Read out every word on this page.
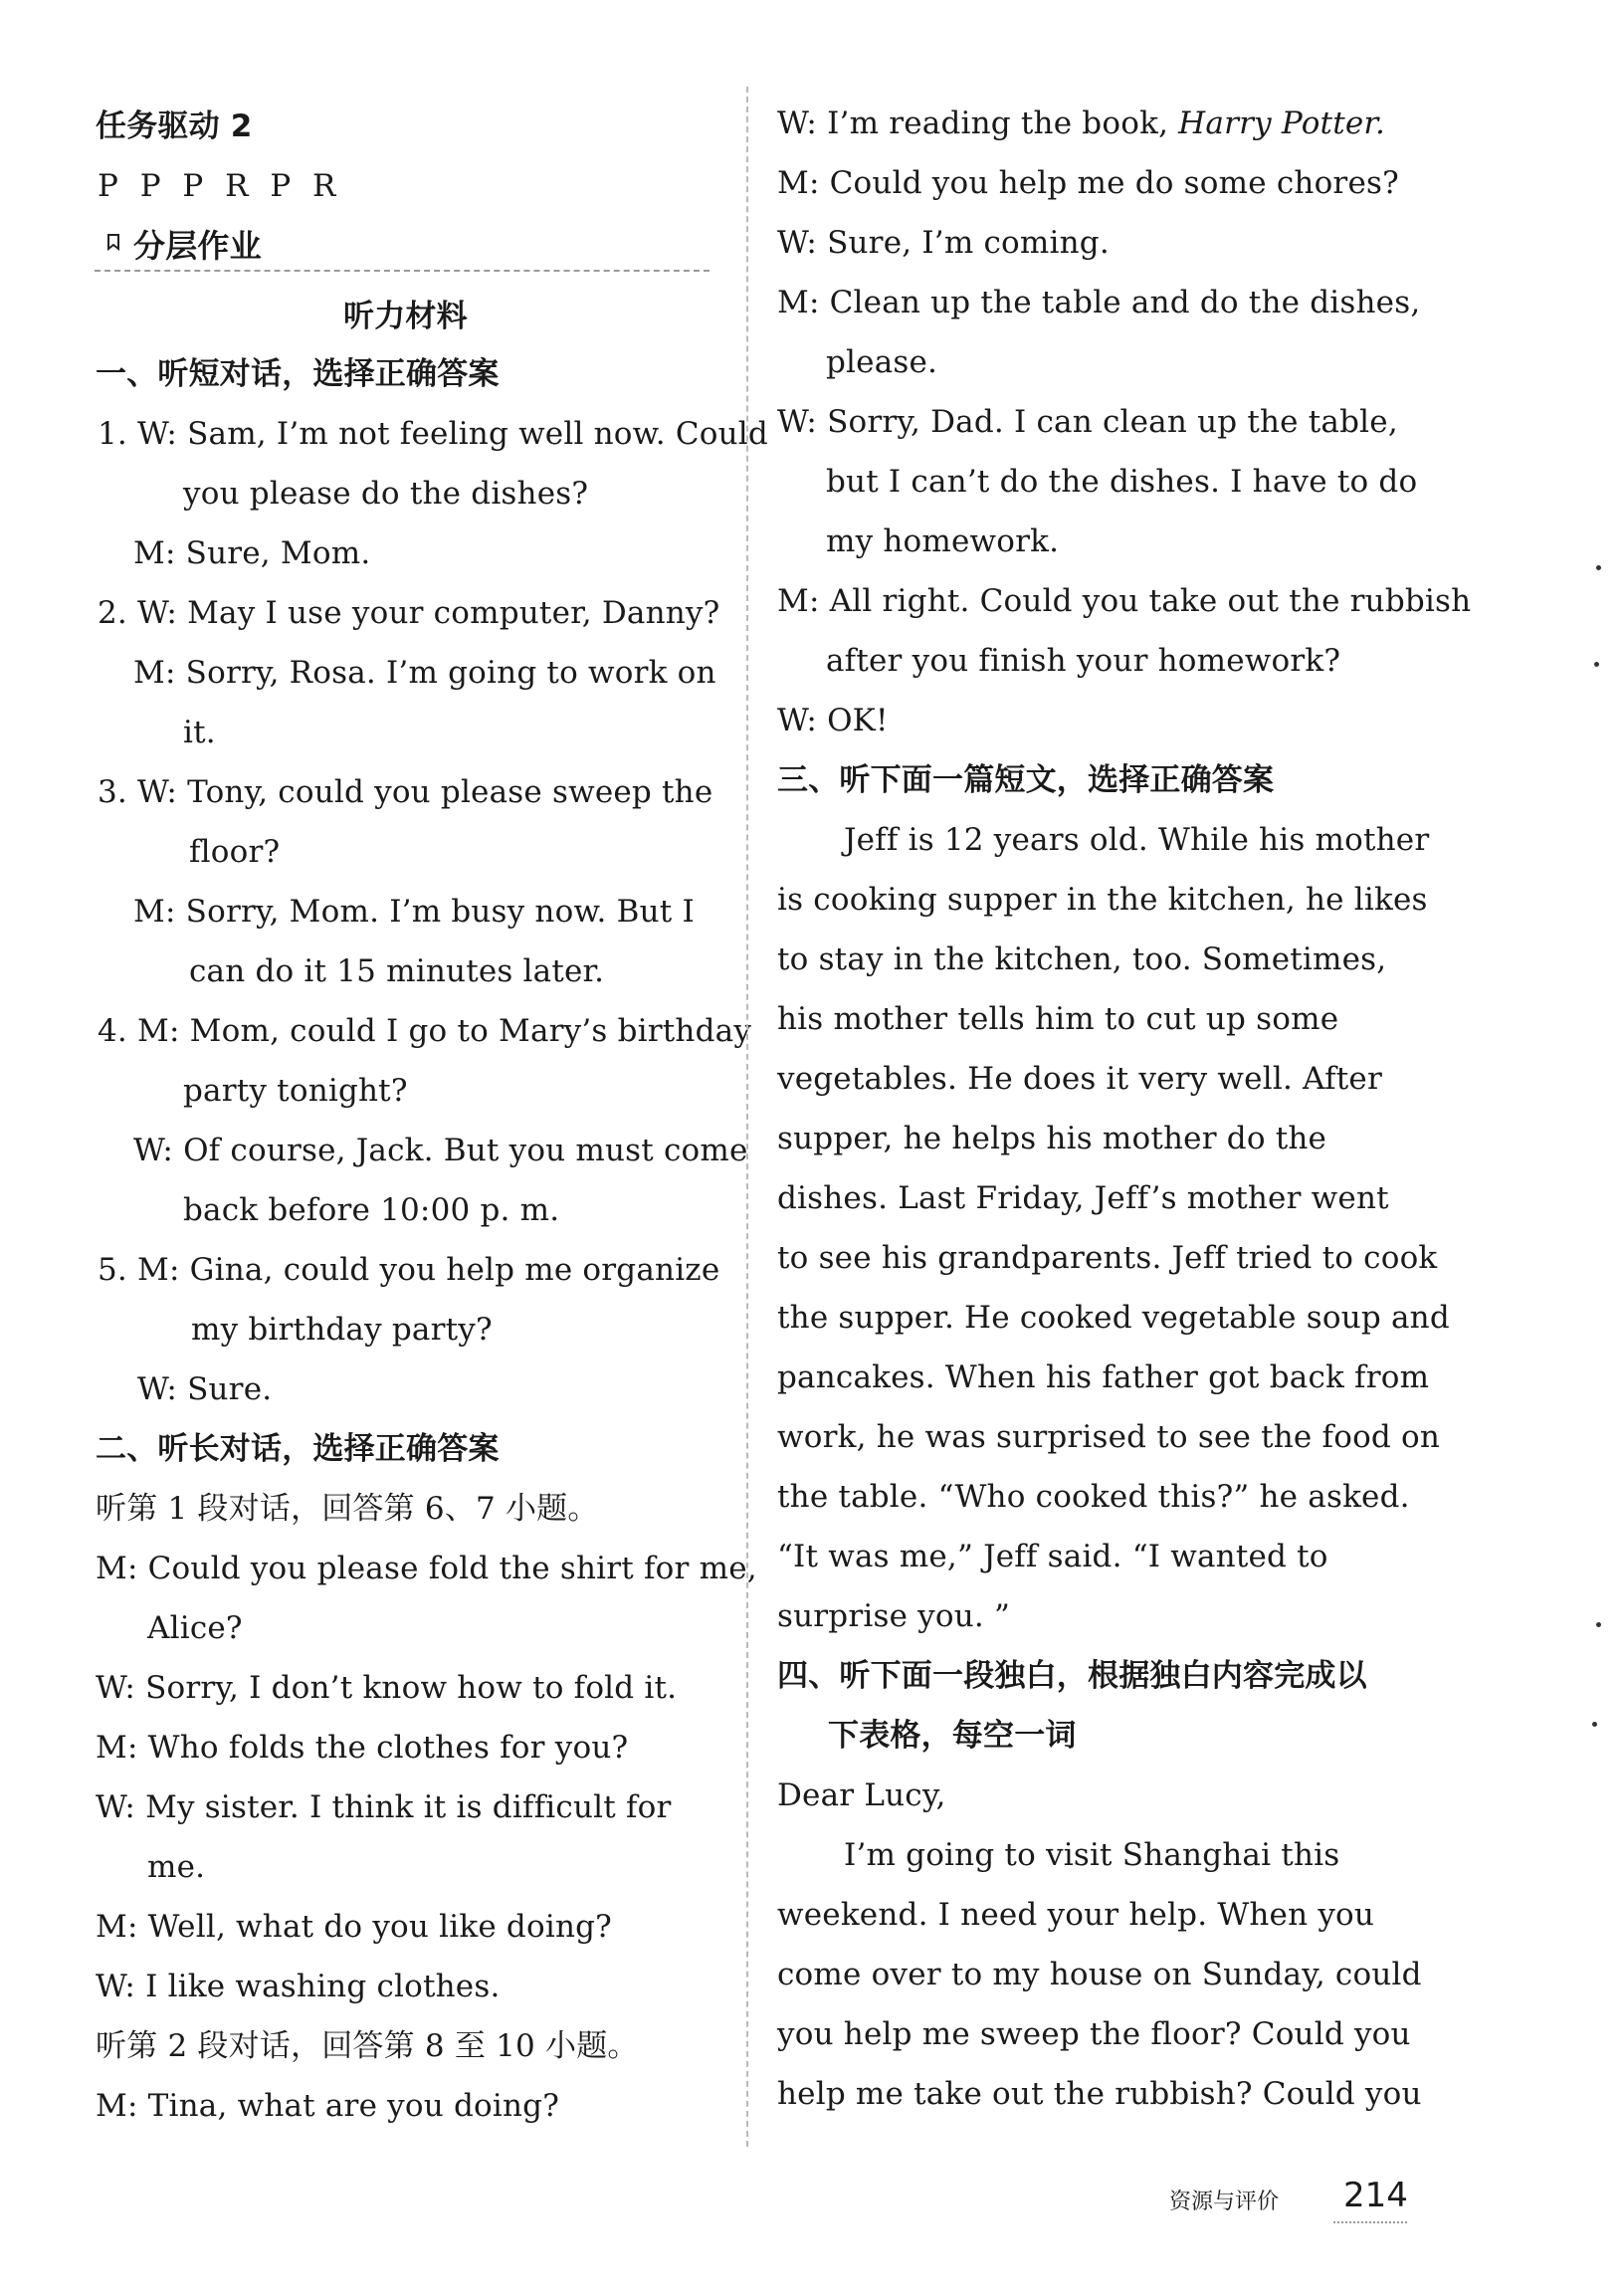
任务驱动 2
P P P R P R
分层作业
听力材料
一、听短对话，选择正确答案
1. W: Sam, I’m not feeling well now. Could
you please do the dishes?
M: Sure, Mom.
2. W: May I use your computer, Danny?
M: Sorry, Rosa. I’m going to work on
it.
3. W: Tony, could you please sweep the
floor?
M: Sorry, Mom. I’m busy now. But I
can do it 15 minutes later.
4. M: Mom, could I go to Mary’s birthday
party tonight?
W: Of course, Jack. But you must come
back before 10:00 p. m.
5. M: Gina, could you help me organize
my birthday party?
W: Sure.
二、听长对话，选择正确答案
听第 1 段对话，回答第 6、7 小题。
M: Could you please fold the shirt for me,
Alice?
W: Sorry, I don’t know how to fold it.
M: Who folds the clothes for you?
W: My sister. I think it is difficult for
me.
M: Well, what do you like doing?
W: I like washing clothes.
听第 2 段对话，回答第 8 至 10 小题。
M: Tina, what are you doing?
W: I’m reading the book, Harry Potter.
M: Could you help me do some chores?
W: Sure, I’m coming.
M: Clean up the table and do the dishes,
please.
W: Sorry, Dad. I can clean up the table,
but I can’t do the dishes. I have to do
my homework.
M: All right. Could you take out the rubbish
after you finish your homework?
W: OK!
三、听下面一篇短文，选择正确答案
Jeff is 12 years old. While his mother
is cooking supper in the kitchen, he likes
to stay in the kitchen, too. Sometimes,
his mother tells him to cut up some
vegetables. He does it very well. After
supper, he helps his mother do the
dishes. Last Friday, Jeff’s mother went
to see his grandparents. Jeff tried to cook
the supper. He cooked vegetable soup and
pancakes. When his father got back from
work, he was surprised to see the food on
the table. “Who cooked this?” he asked.
“It was me,” Jeff said. “I wanted to
surprise you. ”
四、听下面一段独白，根据独白内容完成以
下表格，每空一词
Dear Lucy,
I’m going to visit Shanghai this
weekend. I need your help. When you
come over to my house on Sunday, could
you help me sweep the floor? Could you
help me take out the rubbish? Could you
资源与评价 214
